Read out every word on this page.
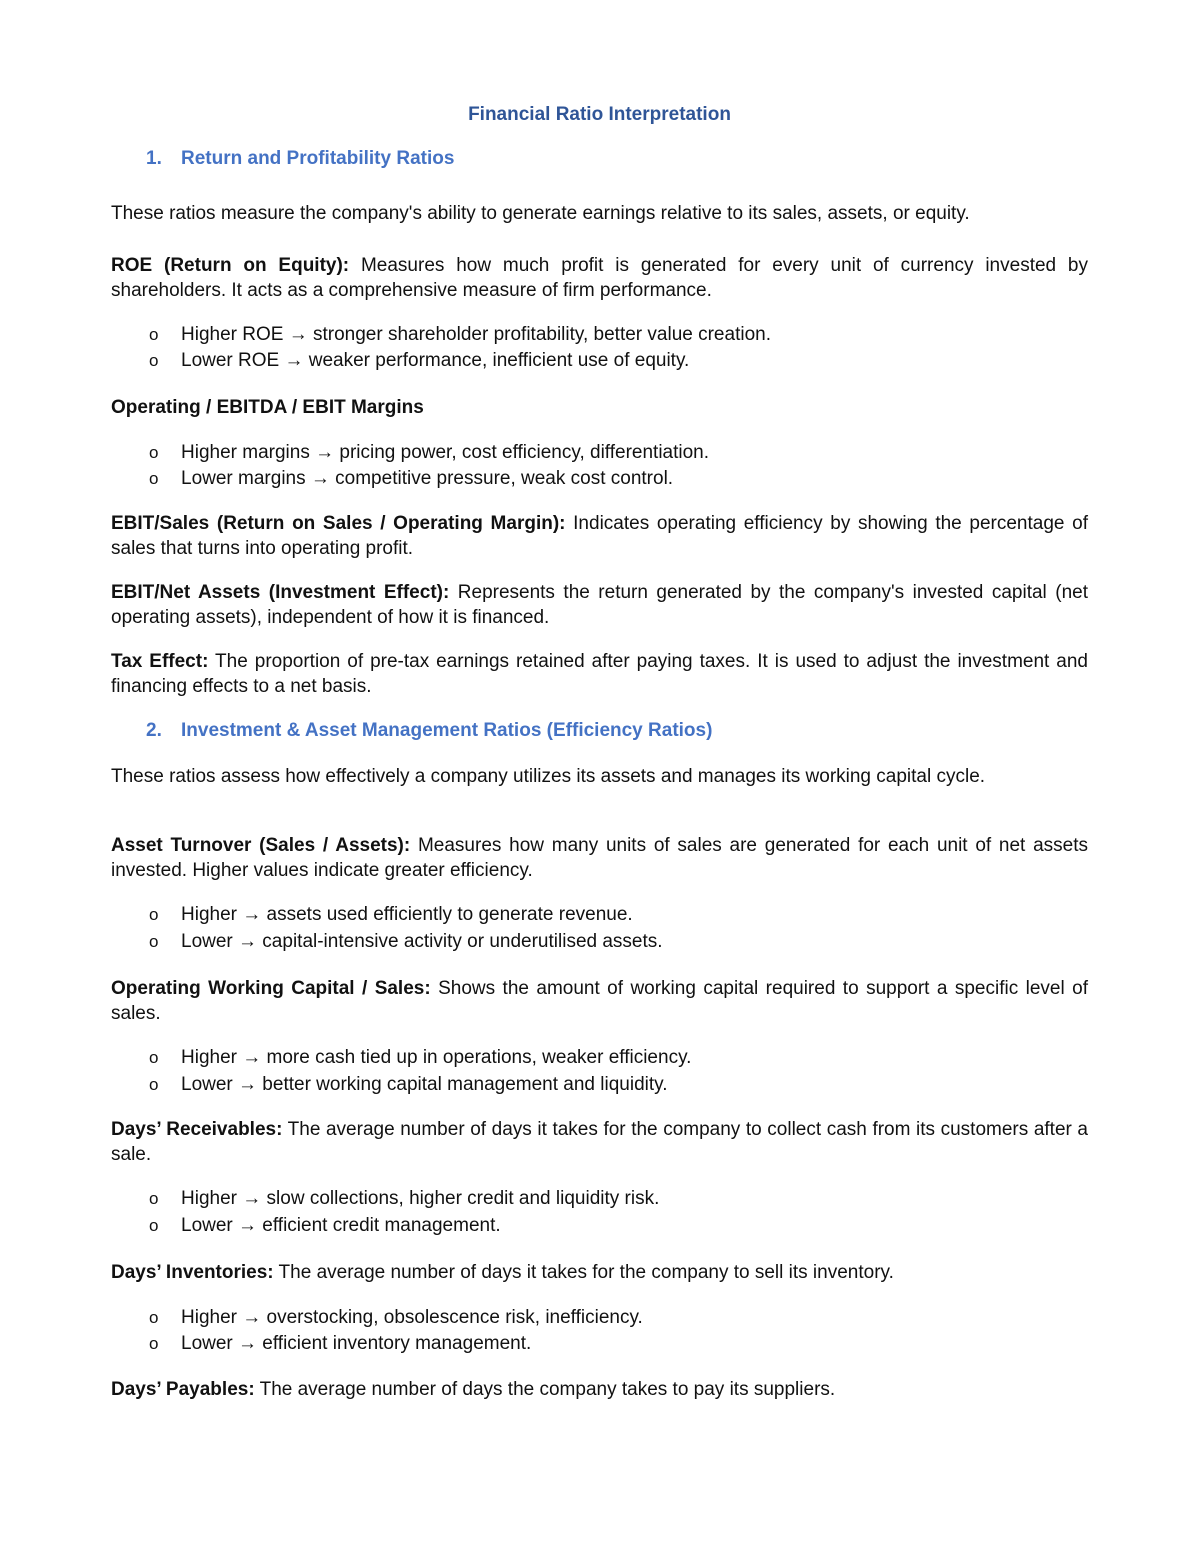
Financial Ratio Interpretation
1. Return and Profitability Ratios
These ratios measure the company's ability to generate earnings relative to its sales, assets, or equity.
ROE (Return on Equity): Measures how much profit is generated for every unit of currency invested by shareholders. It acts as a comprehensive measure of firm performance.
o Higher ROE → stronger shareholder profitability, better value creation.
o Lower ROE → weaker performance, inefficient use of equity.
Operating / EBITDA / EBIT Margins
o Higher margins → pricing power, cost efficiency, differentiation.
o Lower margins → competitive pressure, weak cost control.
EBIT/Sales (Return on Sales / Operating Margin): Indicates operating efficiency by showing the percentage of sales that turns into operating profit.
EBIT/Net Assets (Investment Effect): Represents the return generated by the company's invested capital (net operating assets), independent of how it is financed.
Tax Effect: The proportion of pre-tax earnings retained after paying taxes. It is used to adjust the investment and financing effects to a net basis.
2. Investment & Asset Management Ratios (Efficiency Ratios)
These ratios assess how effectively a company utilizes its assets and manages its working capital cycle.
Asset Turnover (Sales / Assets): Measures how many units of sales are generated for each unit of net assets invested. Higher values indicate greater efficiency.
o Higher → assets used efficiently to generate revenue.
o Lower → capital-intensive activity or underutilised assets.
Operating Working Capital / Sales: Shows the amount of working capital required to support a specific level of sales.
o Higher → more cash tied up in operations, weaker efficiency.
o Lower → better working capital management and liquidity.
Days’ Receivables: The average number of days it takes for the company to collect cash from its customers after a sale.
o Higher → slow collections, higher credit and liquidity risk.
o Lower → efficient credit management.
Days’ Inventories: The average number of days it takes for the company to sell its inventory.
o Higher → overstocking, obsolescence risk, inefficiency.
o Lower → efficient inventory management.
Days’ Payables: The average number of days the company takes to pay its suppliers.
